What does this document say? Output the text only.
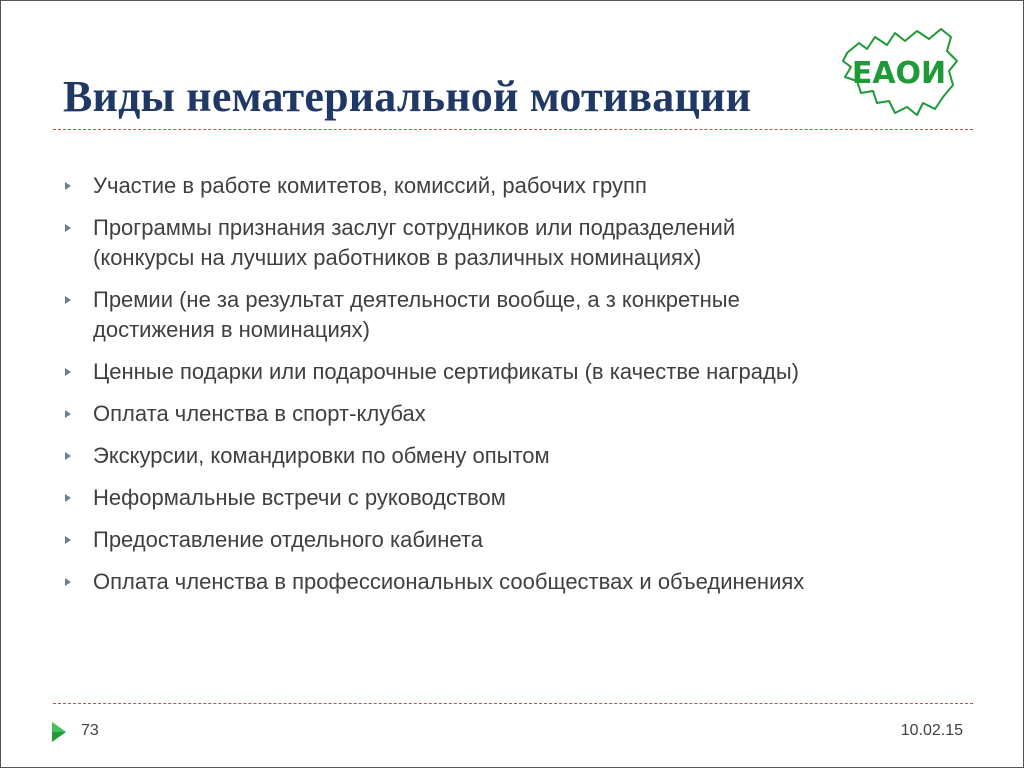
ЕАОИ
Виды нематериальной мотивации
Участие в работе комитетов, комиссий, рабочих групп
Программы признания заслуг сотрудников или подразделений
(конкурсы на лучших работников в различных номинациях)
Премии (не за результат деятельности вообще, а з конкретные
достижения в номинациях)
Ценные подарки или подарочные сертификаты (в качестве награды)
Оплата членства в спорт-клубах
Экскурсии, командировки по обмену опытом
Неформальные встречи с руководством
Предоставление отдельного кабинета
Оплата членства в профессиональных сообществах и объединениях
73	10.02.15
